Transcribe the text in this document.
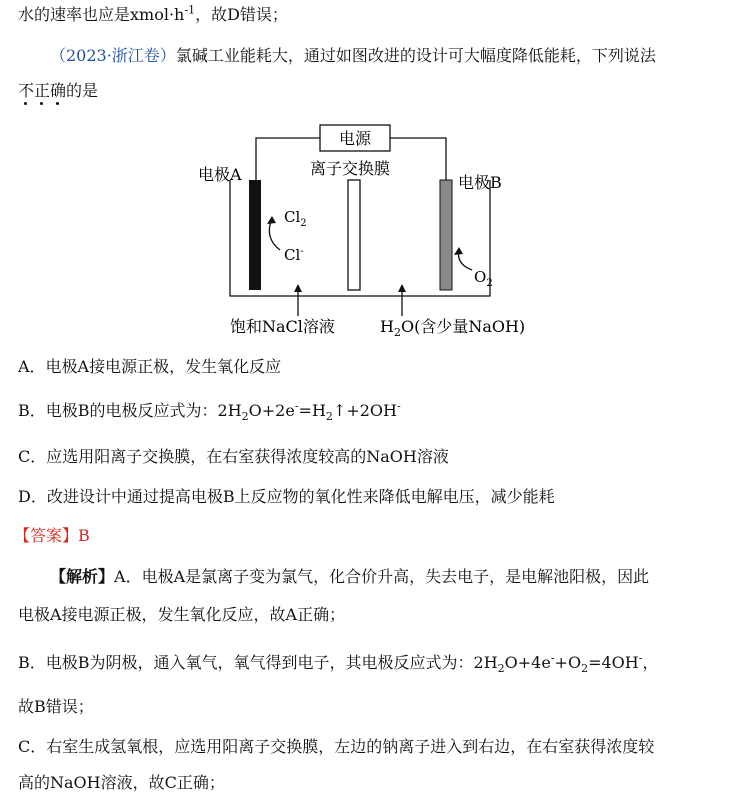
水的速率也应是$xmol\cdot h^{-1}$，故D错误；
（2023·浙江卷）氯碱工业能耗大，通过如图改进的设计可大幅度降低能耗，下列说法
不正确
的是
电源
电极A	离子交换膜
电极B
$Cl_2$
Cl-
$O_2$
饱和NaCl溶液	$H_2O$(含少量NaOH)
A．电极A接电源正极，发生氧化反应
B．电极B的电极反应式为：$2H_2O+2e^-=H_2↑+2OH^-$
C．应选用阳离子交换膜，在右室获得浓度较高的NaOH溶液
D．改进设计中通过提高电极B上反应物的氧化性来降低电解电压，减少能耗
【答案】B
【解析】A．电极A是氯离子变为氯气，化合价升高，失去电子，是电解池阳极，因此
电极A接电源正极，发生氧化反应，故A正确；
B．电极B为阴极，通入氧气，氧气得到电子，其电极反应式为：$2H_2O+4e^-+O_2=4OH^-$，
故B错误；
C．右室生成氢氧根，应选用阳离子交换膜，左边的钠离子进入到右边，在右室获得浓度较
高的NaOH溶液，故C正确；
